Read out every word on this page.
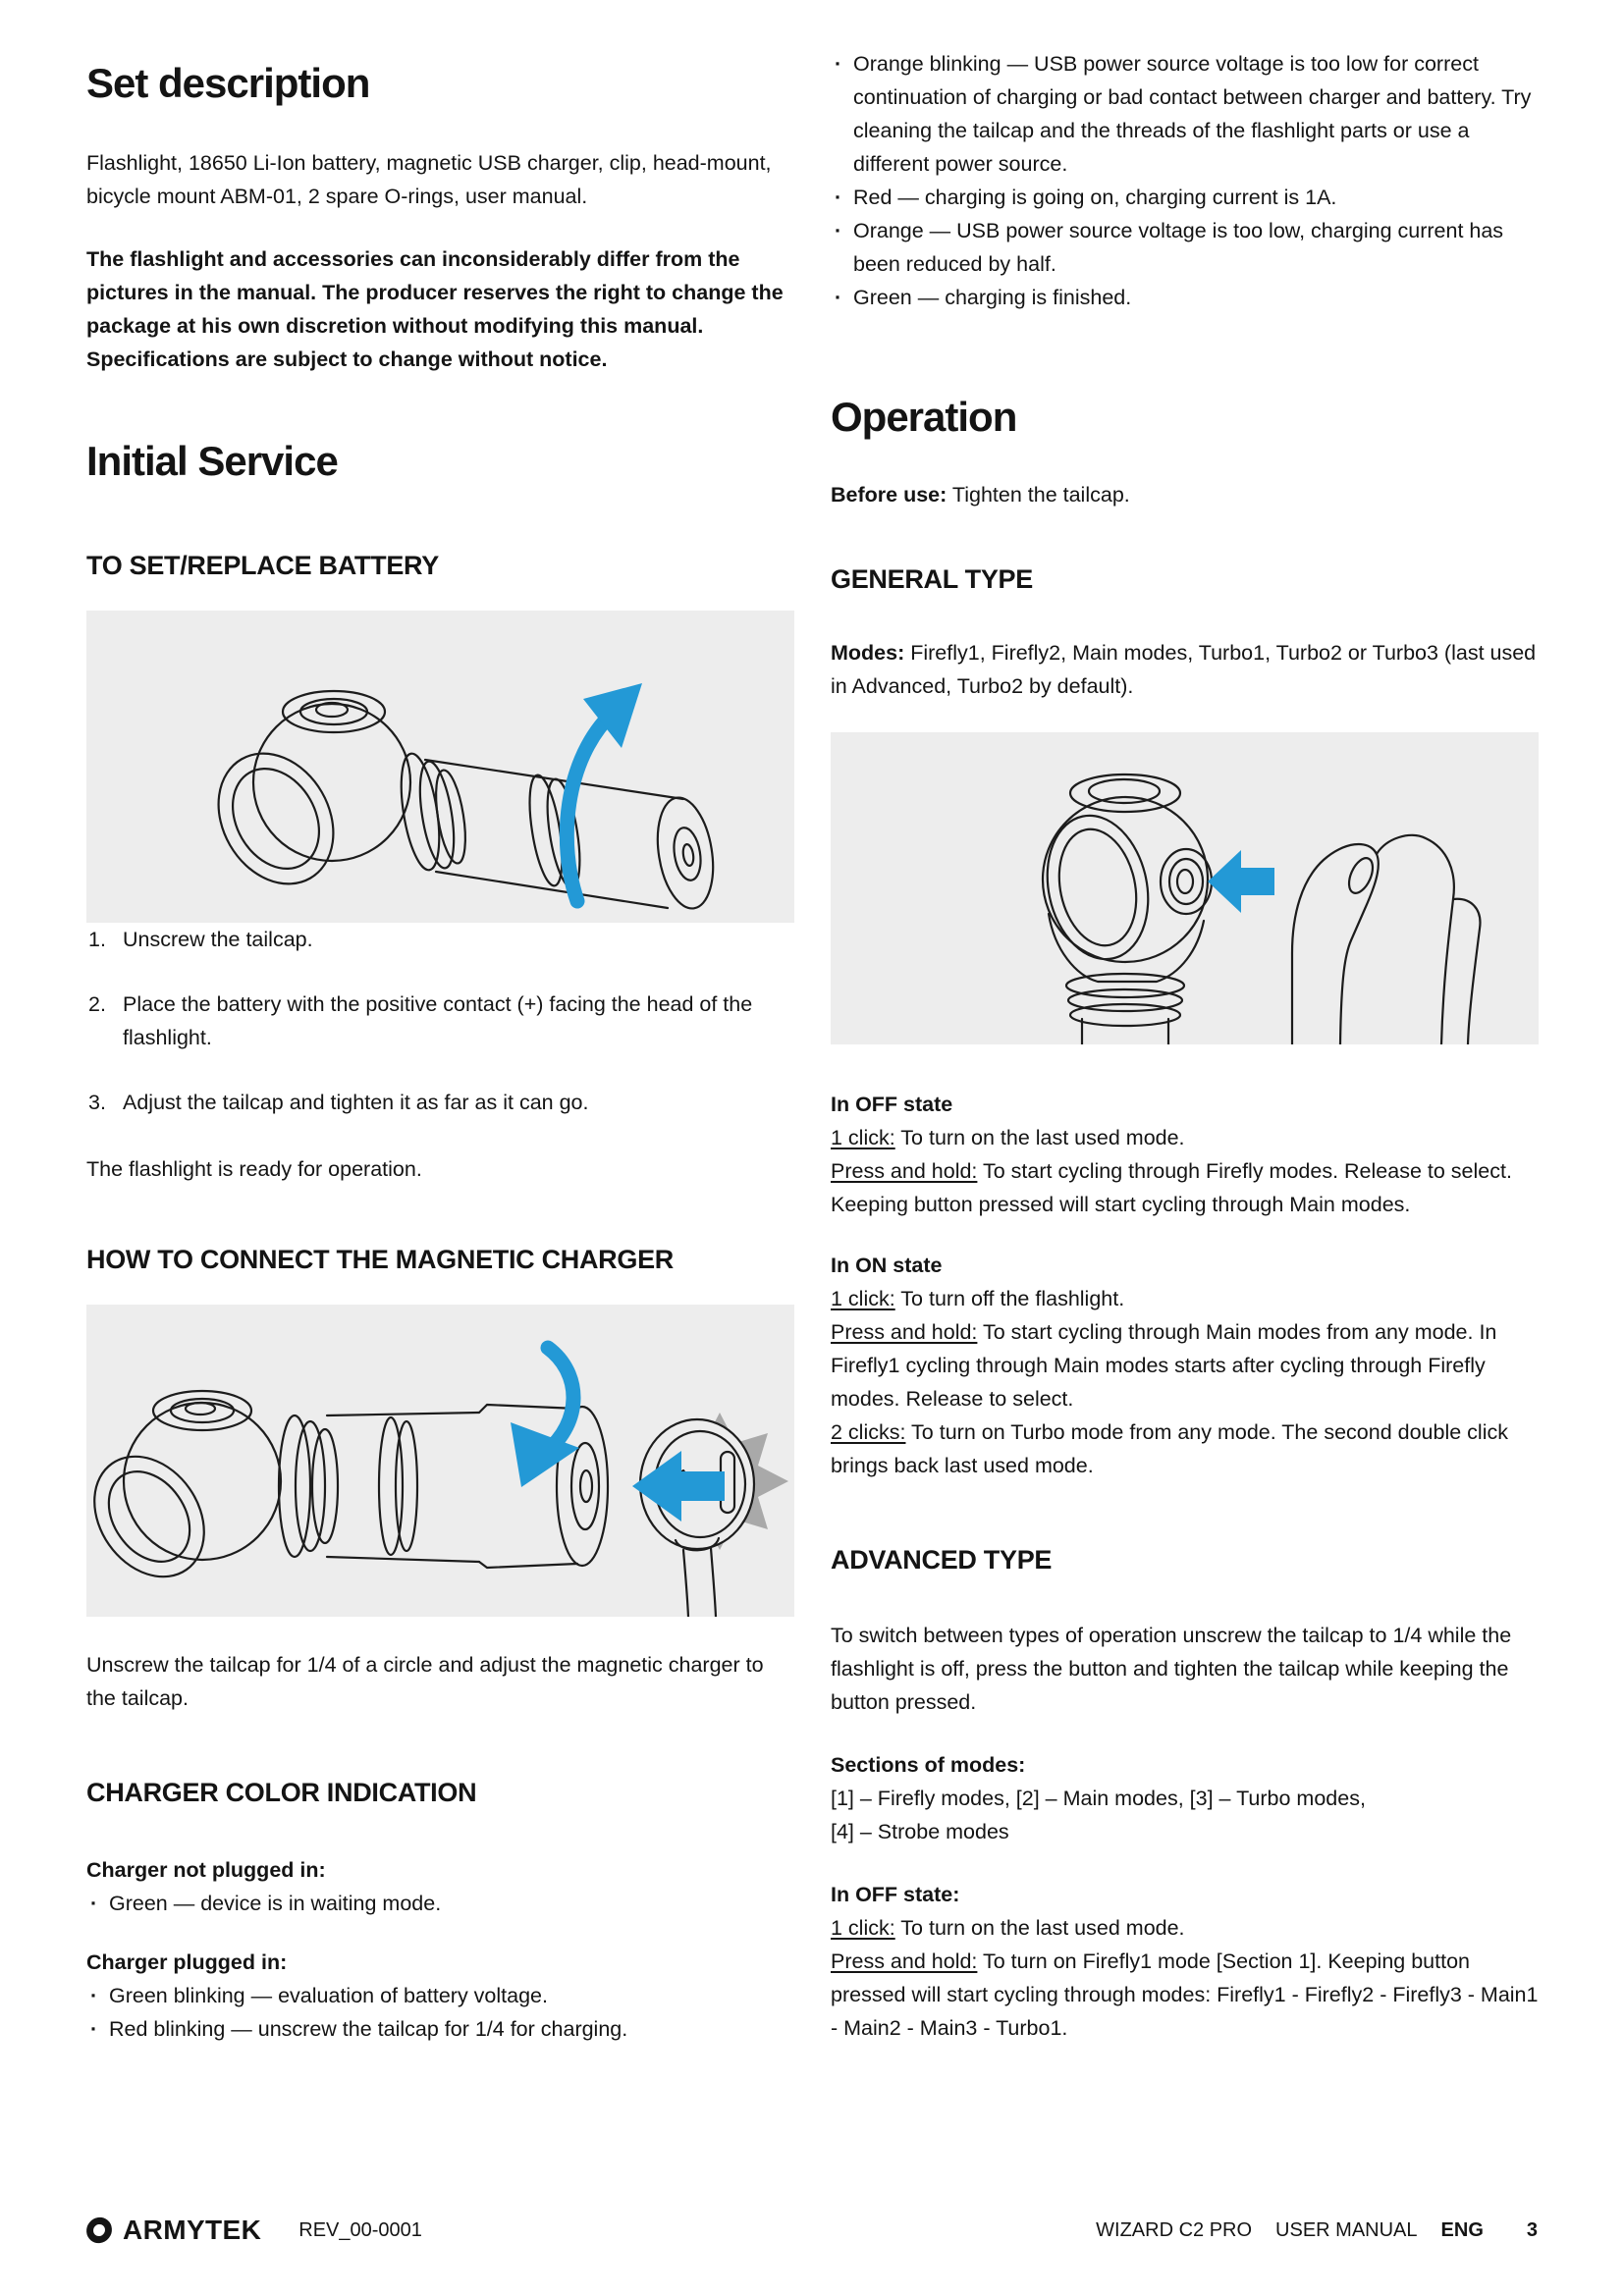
Set description

Flashlight, 18650 Li-Ion battery, magnetic USB charger, clip, head-mount, bicycle mount ABM-01, 2 spare O-rings, user manual.

The flashlight and accessories can inconsiderably differ from the pictures in the manual. The producer reserves the right to change the package at his own discretion without modifying this manual. Specifications are subject to change without notice.

Initial Service
TO SET/REPLACE BATTERY
Unscrew the tailcap.
Place the battery with the positive contact (+) facing the head of the flashlight.
Adjust the tailcap and tighten it as far as it can go.

The flashlight is ready for operation.

HOW TO CONNECT THE MAGNETIC CHARGER

Unscrew the tailcap for 1/4 of a circle and adjust the magnetic charger to the tailcap.

CHARGER COLOR INDICATION
Charger not plugged in:
· Green — device is in waiting mode.
Charger plugged in:
· Green blinking — evaluation of battery voltage.
· Red blinking — unscrew the tailcap for 1/4 for charging.
· Orange blinking — USB power source voltage is too low for correct continuation of charging or bad contact between charger and battery. Try cleaning the tailcap and the threads of the flashlight parts or use a different power source.
· Red — charging is going on, charging current is 1A.
· Orange — USB power source voltage is too low, charging current has been reduced by half.
· Green — charging is finished.
Operation

Before use: Tighten the tailcap.

GENERAL TYPE

Modes: Firefly1, Firefly2, Main modes, Turbo1, Turbo2 or Turbo3 (last used in Advanced, Turbo2 by default).

In OFF state

1 click: To turn on the last used mode.

Press and hold: To start cycling through Firefly modes. Release to select. Keeping button pressed will start cycling through Main modes.

In ON state

1 click: To turn off the flashlight.

Press and hold: To start cycling through Main modes from any mode. In Firefly1 cycling through Main modes starts after cycling through Firefly modes. Release to select.

2 clicks: To turn on Turbo mode from any mode. The second double click brings back last used mode.

ADVANCED TYPE

To switch between types of operation unscrew the tailcap to 1/4 while the flashlight is off, press the button and tighten the tailcap while keeping the button pressed.

Sections of modes:

[1] – Firefly modes, [2] – Main modes, [3] – Turbo modes,

[4] – Strobe modes

In OFF state:

1 click: To turn on the last used mode.

Press and hold: To turn on Firefly1 mode [Section 1]. Keeping button pressed will start cycling through modes: Firefly1 - Firefly2 - Firefly3 - Main1 - Main2 - Main3 - Turbo1.

ARMYTEK REV_00-0001	WIZARD C2 PRO USER MANUAL ENG 3
